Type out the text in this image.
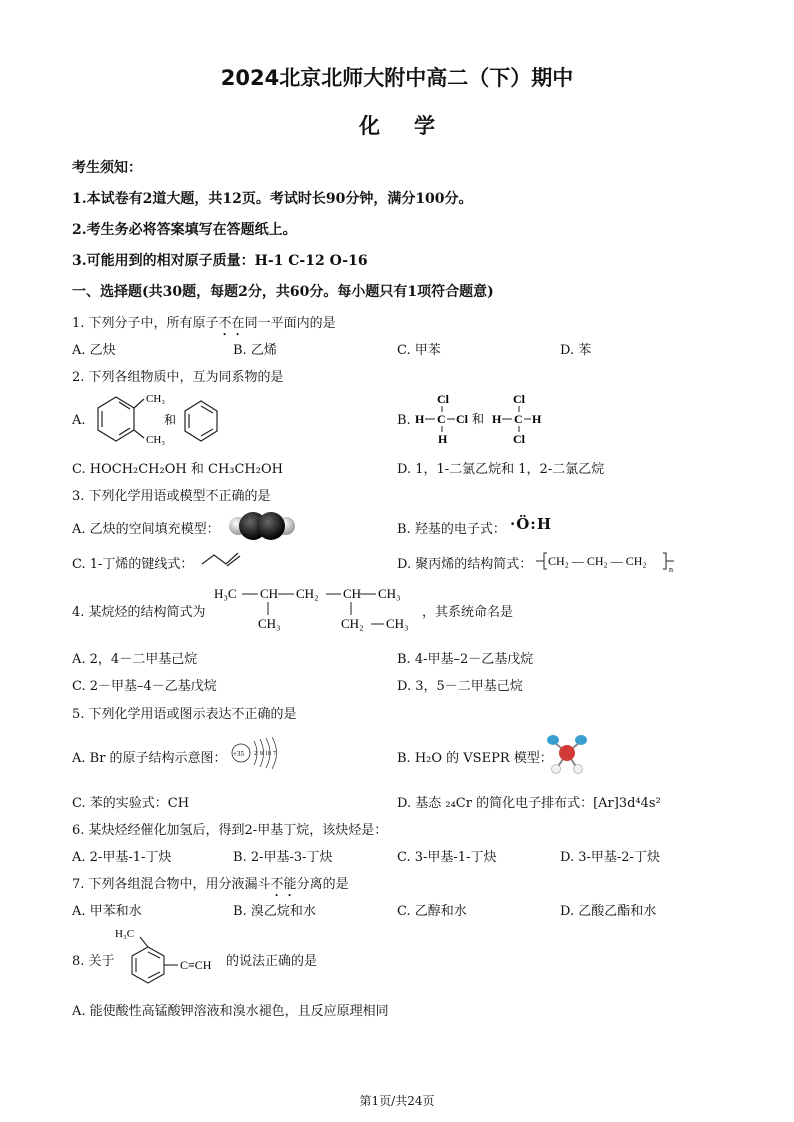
2024北京北师大附中高二（下）期中
化学
考生须知：
1.本试卷有2道大题，共12页。考试时长90分钟，满分100分。
2.考生务必将答案填写在答题纸上。
3.可能用到的相对原子质量：H-1 C-12 O-16
一、选择题(共30题，每题2分，共60分。每小题只有1项符合题意)
1. 下列分子中，所有原子不在同一平面内的是
A. 乙炔	B. 乙烯	C. 甲苯	D. 苯
2. 下列各组物质中，互为同系物的是
A.
CH₃
CH₃
和	B.
Cl
H C Cl
H
Cl
H C H
Cl
和
C. HOCH₂CH₂OH 和 CH₃CH₂OH	D. 1，1-二氯乙烷和 1，2-二氯乙烷
3. 下列化学用语或模型不正确的是
A. 乙炔的空间填充模型：	B. 羟基的电子式： ·Ö:H
C. 1-丁烯的键线式：	D. 聚丙烯的结构简式： CH₂ — CH₂ — CH₂
n
4. 某烷烃的结构简式为
H₃C CH CH₂ CH CH₃
CH₃	CH₂ CH₃
，其系统命名是
A. 2，4－二甲基己烷	B. 4-甲基–2－乙基戊烷
C. 2－甲基–4－乙基戊烷	D. 3，5－二甲基己烷
5. 下列化学用语或图示表达不正确的是
A. Br 的原子结构示意图： +35 2 8 18 7	B. H₂O 的 VSEPR 模型：
C. 苯的实验式：CH	D. 基态 ₂₄Cr 的简化电子排布式：[Ar]3d⁴4s²
6. 某炔烃经催化加氢后，得到2-甲基丁烷，该炔烃是：
A. 2-甲基-1-丁炔	B. 2-甲基-3-丁炔	C. 3-甲基-1-丁炔	D. 3-甲基-2-丁炔
7. 下列各组混合物中，用分液漏斗不能分离的是
A. 甲苯和水	B. 溴乙烷和水	C. 乙醇和水	D. 乙酸乙酯和水
8. 关于
H₃C
C≡CH 的说法正确的是
A. 能使酸性高锰酸钾溶液和溴水褪色，且反应原理相同
第1页/共24页
